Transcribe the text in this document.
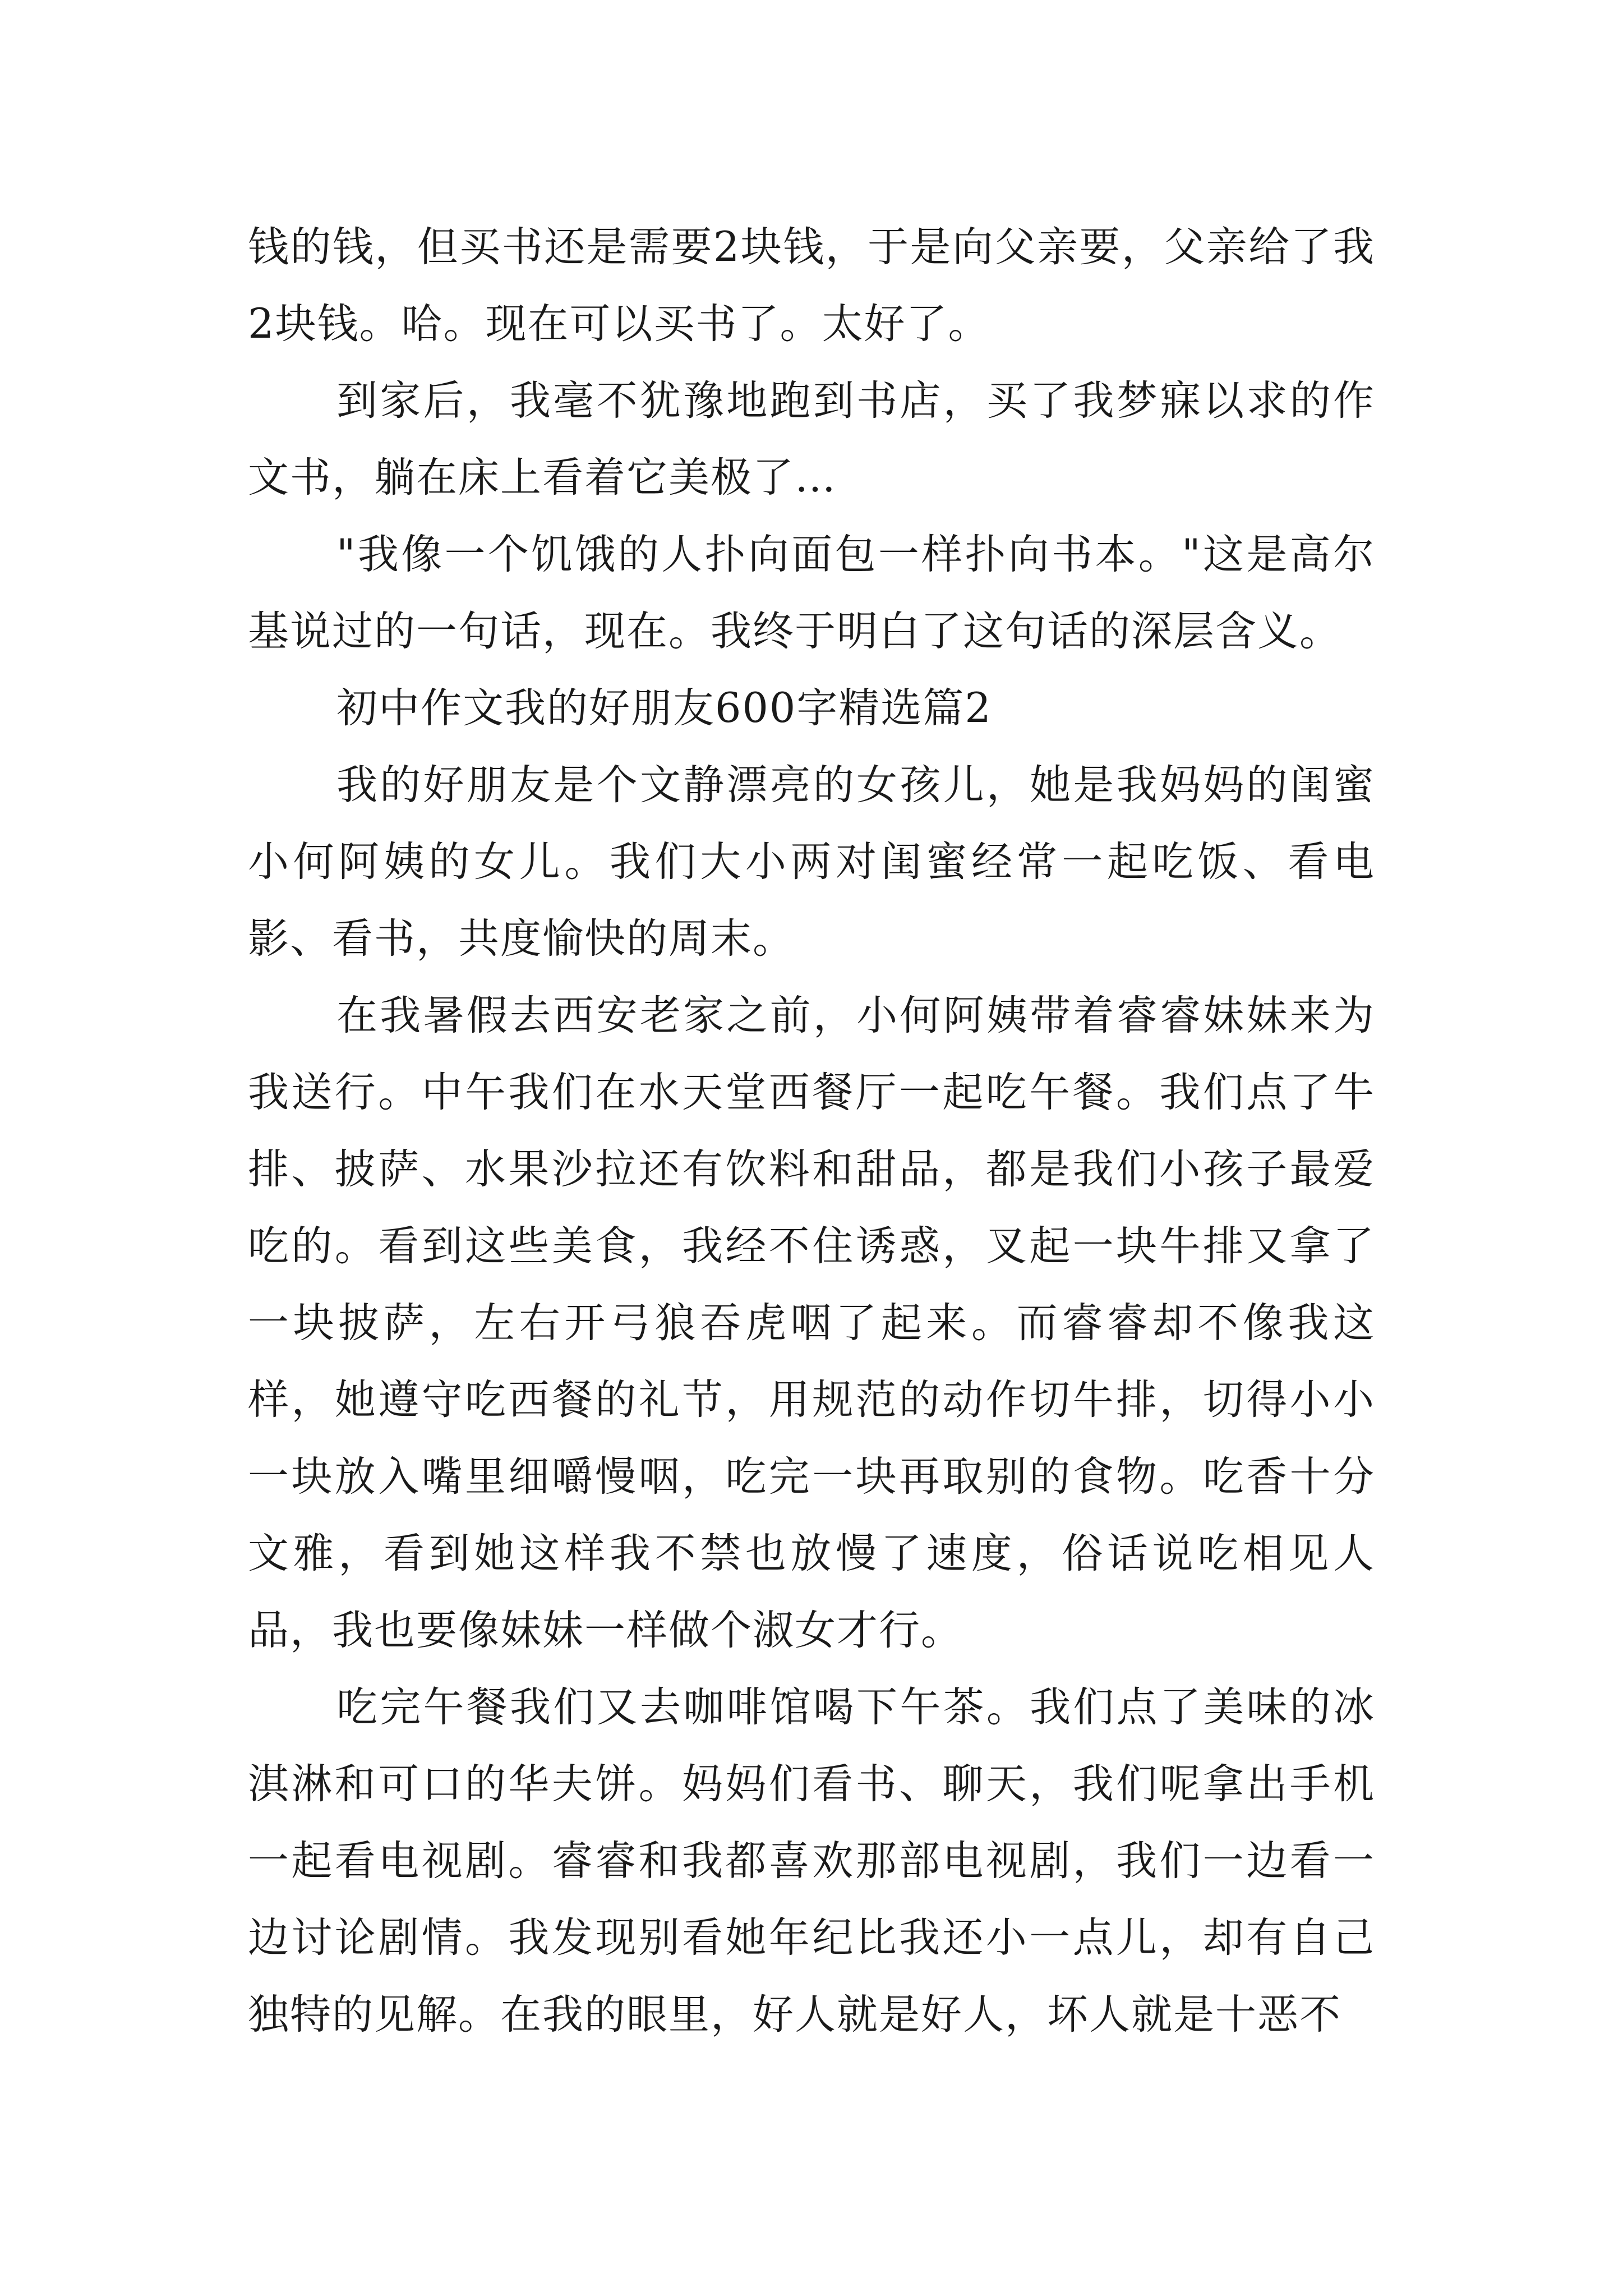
钱的钱，但买书还是需要2块钱，于是向父亲要，父亲给了我2块钱。哈。现在可以买书了。太好了。

到家后，我毫不犹豫地跑到书店，买了我梦寐以求的作文书，躺在床上看着它美极了…

"我像一个饥饿的人扑向面包一样扑向书本。"这是高尔基说过的一句话，现在。我终于明白了这句话的深层含义。

初中作文我的好朋友600字精选篇2

我的好朋友是个文静漂亮的女孩儿，她是我妈妈的闺蜜小何阿姨的女儿。我们大小两对闺蜜经常一起吃饭、看电影、看书，共度愉快的周末。

在我暑假去西安老家之前，小何阿姨带着睿睿妹妹来为我送行。中午我们在水天堂西餐厅一起吃午餐。我们点了牛排、披萨、水果沙拉还有饮料和甜品，都是我们小孩子最爱吃的。看到这些美食，我经不住诱惑，叉起一块牛排又拿了一块披萨，左右开弓狼吞虎咽了起来。而睿睿却不像我这样，她遵守吃西餐的礼节，用规范的动作切牛排，切得小小一块放入嘴里细嚼慢咽，吃完一块再取别的食物。吃香十分文雅，看到她这样我不禁也放慢了速度，俗话说吃相见人品，我也要像妹妹一样做个淑女才行。

吃完午餐我们又去咖啡馆喝下午茶。我们点了美味的冰淇淋和可口的华夫饼。妈妈们看书、聊天，我们呢拿出手机一起看电视剧。睿睿和我都喜欢那部电视剧，我们一边看一边讨论剧情。我发现别看她年纪比我还小一点儿，却有自己独特的见解。在我的眼里，好人就是好人，坏人就是十恶不
